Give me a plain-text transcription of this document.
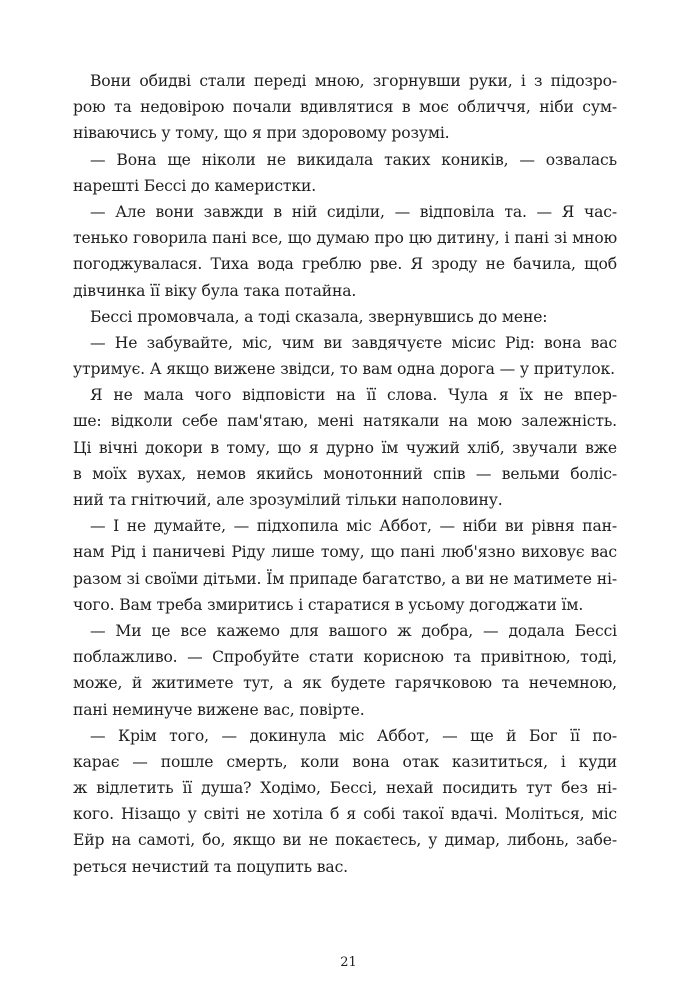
Вони обидві стали переді мною, згорнувши руки, і з підозро-
рою та недовірою почали вдивлятися в моє обличчя, ніби сум-
ніваючись у тому, що я при здоровому розумі.
— Вона ще ніколи не викидала таких коників, — озвалась
нарешті Бессі до камеристки.
— Але вони завжди в ній сиділи, — відповіла та. — Я час-
тенько говорила пані все, що думаю про цю дитину, і пані зі мною
погоджувалася. Тиха вода греблю рве. Я зроду не бачила, щоб
дівчинка її віку була така потайна.
Бессі промовчала, а тоді сказала, звернувшись до мене:
— Не забувайте, міс, чим ви завдячуєте місис Рід: вона вас
утримує. А якщо вижене звідси, то вам одна дорога — у притулок.
Я не мала чого відповісти на її слова. Чула я їх не впер-
ше: відколи себе пам'ятаю, мені натякали на мою залежність.
Ці вічні докори в тому, що я дурно їм чужий хліб, звучали вже
в моїх вухах, немов якийсь монотонний спів — вельми боліс-
ний та гнітючий, але зрозумілий тільки наполовину.
— І не думайте, — підхопила міс Аббот, — ніби ви рівня пан-
нам Рід і паничеві Ріду лише тому, що пані люб'язно виховує вас
разом зі своїми дітьми. Їм припаде багатство, а ви не матимете ні-
чого. Вам треба змиритись і старатися в усьому догоджати їм.
— Ми це все кажемо для вашого ж добра, — додала Бессі
поблажливо. — Спробуйте стати корисною та привітною, тоді,
може, й житимете тут, а як будете гарячковою та нечемною,
пані неминуче вижене вас, повірте.
— Крім того, — докинула міс Аббот, — ще й Бог її по-
карає — пошле смерть, коли вона отак казититься, і куди
ж відлетить її душа? Ходімо, Бессі, нехай посидить тут без ні-
кого. Нізащо у світі не хотіла б я собі такої вдачі. Моліться, міс
Ейр на самоті, бо, якщо ви не покаєтесь, у димар, либонь, забе-
реться нечистий та поцупить вас.
21
